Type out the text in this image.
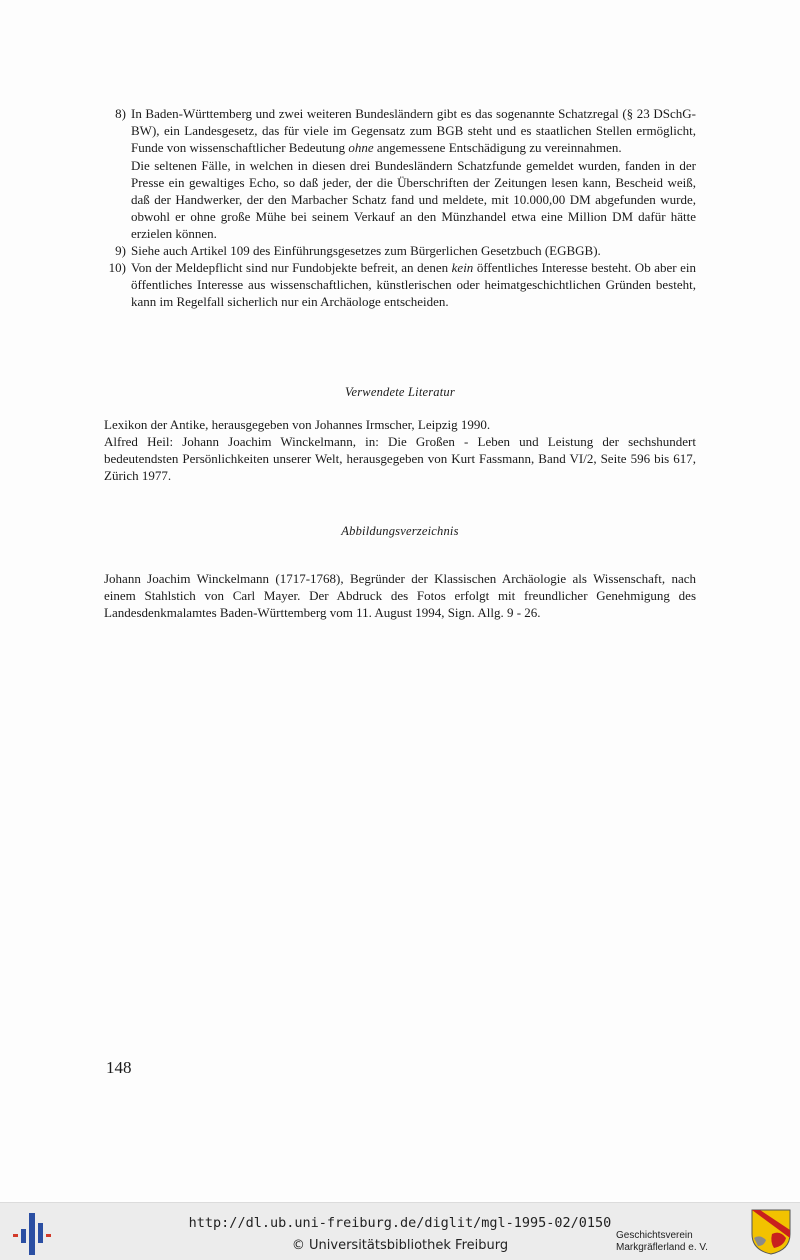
8) In Baden-Württemberg und zwei weiteren Bundesländern gibt es das sogenannte Schatzregal (§ 23 DSchG-BW), ein Landesgesetz, das für viele im Gegensatz zum BGB steht und es staatlichen Stellen ermöglicht, Funde von wissenschaftlicher Bedeutung ohne angemessene Entschädigung zu vereinnahmen.

Die seltenen Fälle, in welchen in diesen drei Bundesländern Schatzfunde gemeldet wurden, fanden in der Presse ein gewaltiges Echo, so daß jeder, der die Überschriften der Zeitungen lesen kann, Bescheid weiß, daß der Handwerker, der den Marbacher Schatz fand und meldete, mit 10.000,00 DM abgefunden wurde, obwohl er ohne große Mühe bei seinem Verkauf an den Münzhandel etwa eine Million DM dafür hätte erzielen können.

9) Siehe auch Artikel 109 des Einführungsgesetzes zum Bürgerlichen Gesetzbuch (EGBGB).

10) Von der Meldepflicht sind nur Fundobjekte befreit, an denen kein öffentliches Interesse besteht. Ob aber ein öffentliches Interesse aus wissenschaftlichen, künstlerischen oder heimatgeschichtlichen Gründen besteht, kann im Regelfall sicherlich nur ein Archäologe entscheiden.

Verwendete Literatur

Lexikon der Antike, herausgegeben von Johannes Irmscher, Leipzig 1990.

Alfred Heil: Johann Joachim Winckelmann, in: Die Großen - Leben und Leistung der sechshundert bedeutendsten Persönlichkeiten unserer Welt, herausgegeben von Kurt Fassmann, Band VI/2, Seite 596 bis 617, Zürich 1977.

Abbildungsverzeichnis

Johann Joachim Winckelmann (1717-1768), Begründer der Klassischen Archäologie als Wissenschaft, nach einem Stahlstich von Carl Mayer. Der Abdruck des Fotos erfolgt mit freundlicher Genehmigung des Landesdenkmalamtes Baden-Württemberg vom 11. August 1994, Sign. Allg. 9 - 26.

148
http://dl.ub.uni-freiburg.de/diglit/mgl-1995-02/0150
© Universitätsbibliothek Freiburg
Geschichtsverein
Markgräflerland e. V.
